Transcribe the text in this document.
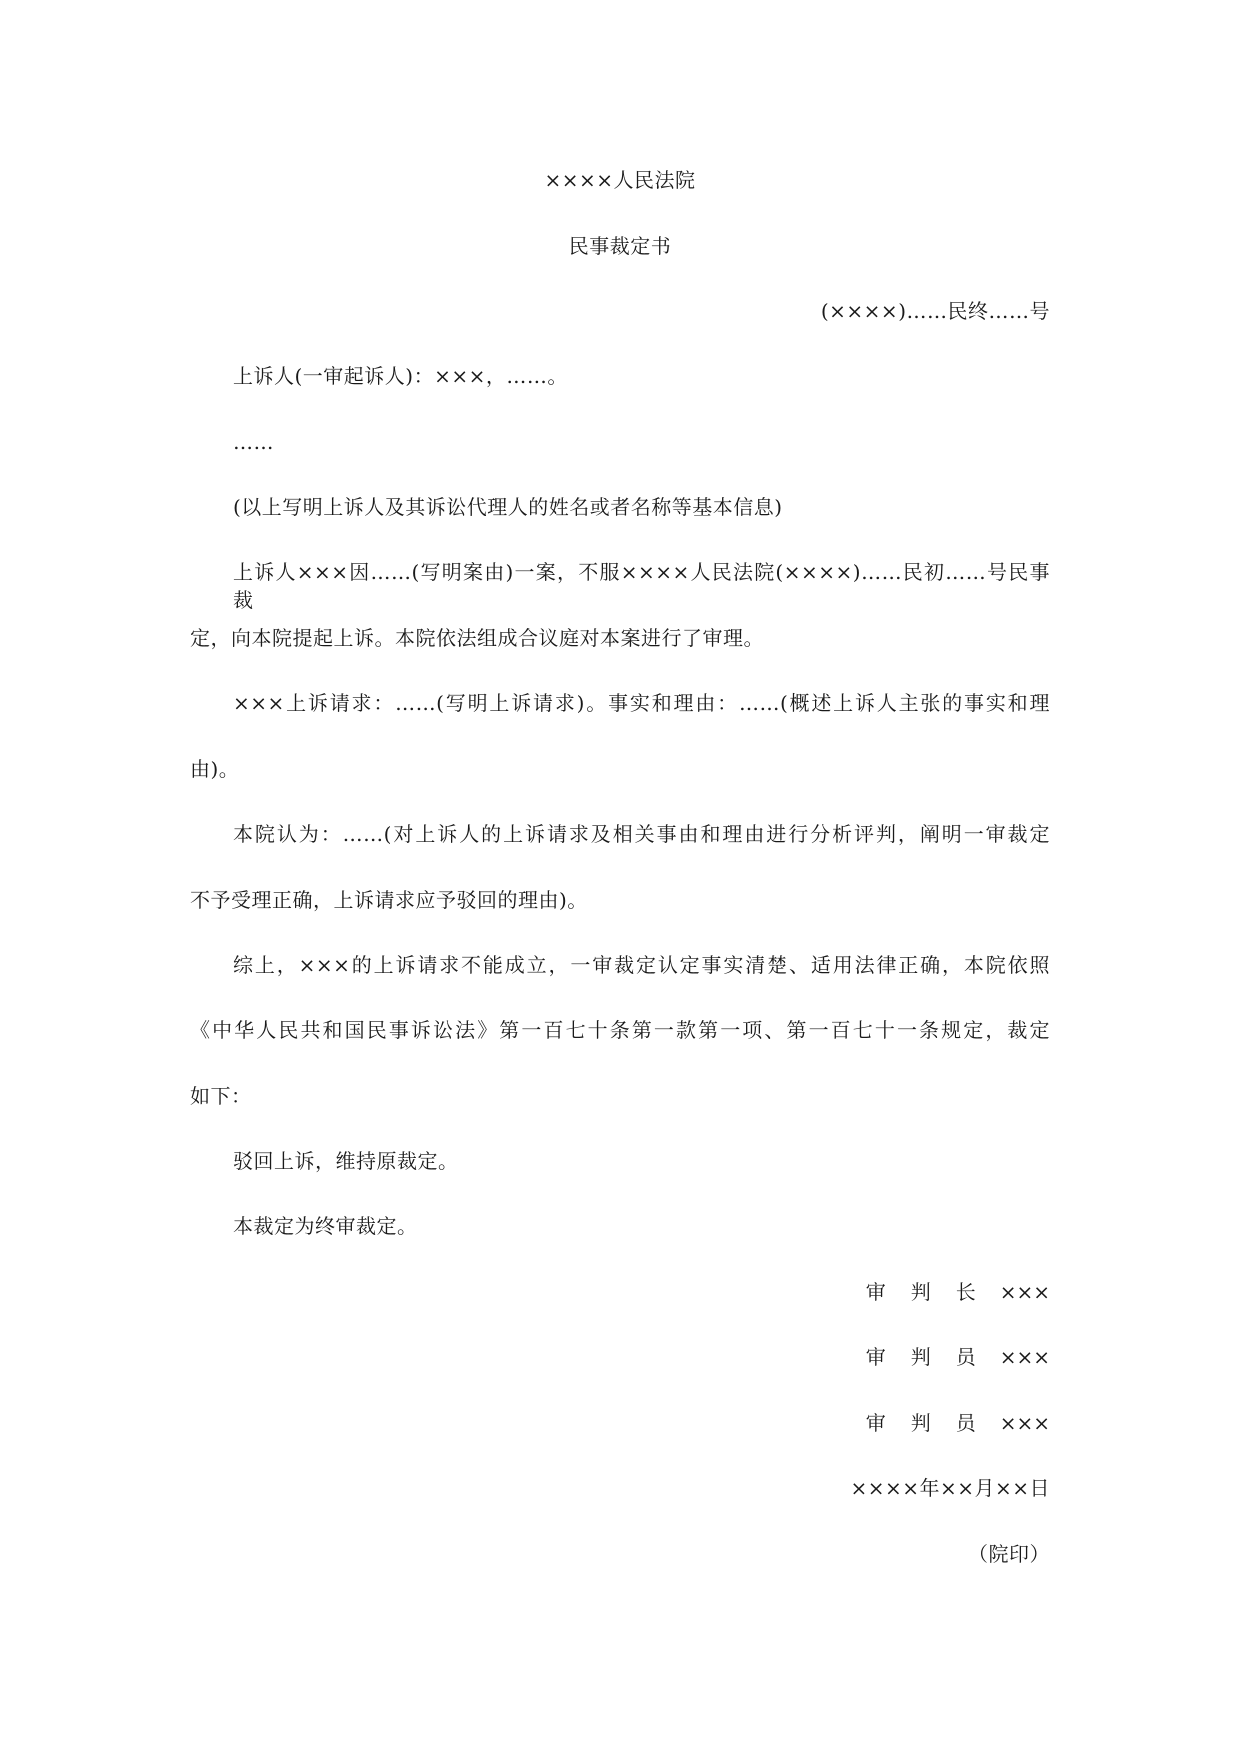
××××人民法院
民事裁定书
(××××)……民终……号
上诉人(一审起诉人)：×××，……。
……
(以上写明上诉人及其诉讼代理人的姓名或者名称等基本信息)
上诉人×××因……(写明案由)一案，不服××××人民法院(××××)……民初……号民事裁
定，向本院提起上诉。本院依法组成合议庭对本案进行了审理。
×××上诉请求：……(写明上诉请求)。事实和理由：……(概述上诉人主张的事实和理
由)。
本院认为：……(对上诉人的上诉请求及相关事由和理由进行分析评判，阐明一审裁定
不予受理正确，上诉请求应予驳回的理由)。
综上，×××的上诉请求不能成立，一审裁定认定事实清楚、适用法律正确，本院依照
《中华人民共和国民事诉讼法》第一百七十条第一款第一项、第一百七十一条规定，裁定
如下：
驳回上诉，维持原裁定。
本裁定为终审裁定。
审 判 长 ×××
审 判 员 ×××
审 判 员 ×××
××××年××月××日
（院印）
